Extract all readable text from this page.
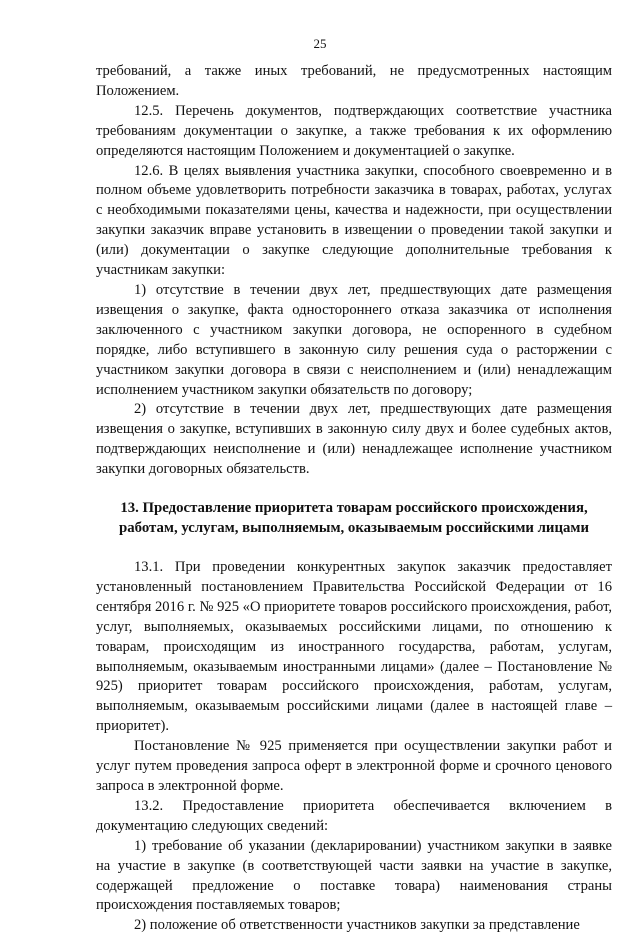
25

требований, а также иных требований, не предусмотренных настоящим Положением.

12.5. Перечень документов, подтверждающих соответствие участника требованиям документации о закупке, а также требования к их оформлению определяются настоящим Положением и документацией о закупке.

12.6. В целях выявления участника закупки, способного своевременно и в полном объеме удовлетворить потребности заказчика в товарах, работах, услугах с необходимыми показателями цены, качества и надежности, при осуществлении закупки заказчик вправе установить в извещении о проведении такой закупки и (или) документации о закупке следующие дополнительные требования к участникам закупки:

1) отсутствие в течении двух лет, предшествующих дате размещения извещения о закупке, факта одностороннего отказа заказчика от исполнения заключенного с участником закупки договора, не оспоренного в судебном порядке, либо вступившего в законную силу решения суда о расторжении с участником закупки договора в связи с неисполнением и (или) ненадлежащим исполнением участником закупки обязательств по договору;

2) отсутствие в течении двух лет, предшествующих дате размещения извещения о закупке, вступивших в законную силу двух и более судебных актов, подтверждающих неисполнение и (или) ненадлежащее исполнение участником закупки договорных обязательств.

13. Предоставление приоритета товарам российского происхождения, работам, услугам, выполняемым, оказываемым российскими лицами

13.1. При проведении конкурентных закупок заказчик предоставляет установленный постановлением Правительства Российской Федерации от 16 сентября 2016 г. № 925 «О приоритете товаров российского происхождения, работ, услуг, выполняемых, оказываемых российскими лицами, по отношению к товарам, происходящим из иностранного государства, работам, услугам, выполняемым, оказываемым иностранными лицами» (далее – Постановление № 925) приоритет товарам российского происхождения, работам, услугам, выполняемым, оказываемым российскими лицами (далее в настоящей главе – приоритет).

Постановление № 925 применяется при осуществлении закупки работ и услуг путем проведения запроса оферт в электронной форме и срочного ценового запроса в электронной форме.

13.2. Предоставление приоритета обеспечивается включением в документацию следующих сведений:

1) требование об указании (декларировании) участником закупки в заявке на участие в закупке (в соответствующей части заявки на участие в закупке, содержащей предложение о поставке товара) наименования страны происхождения поставляемых товаров;

2) положение об ответственности участников закупки за представление
